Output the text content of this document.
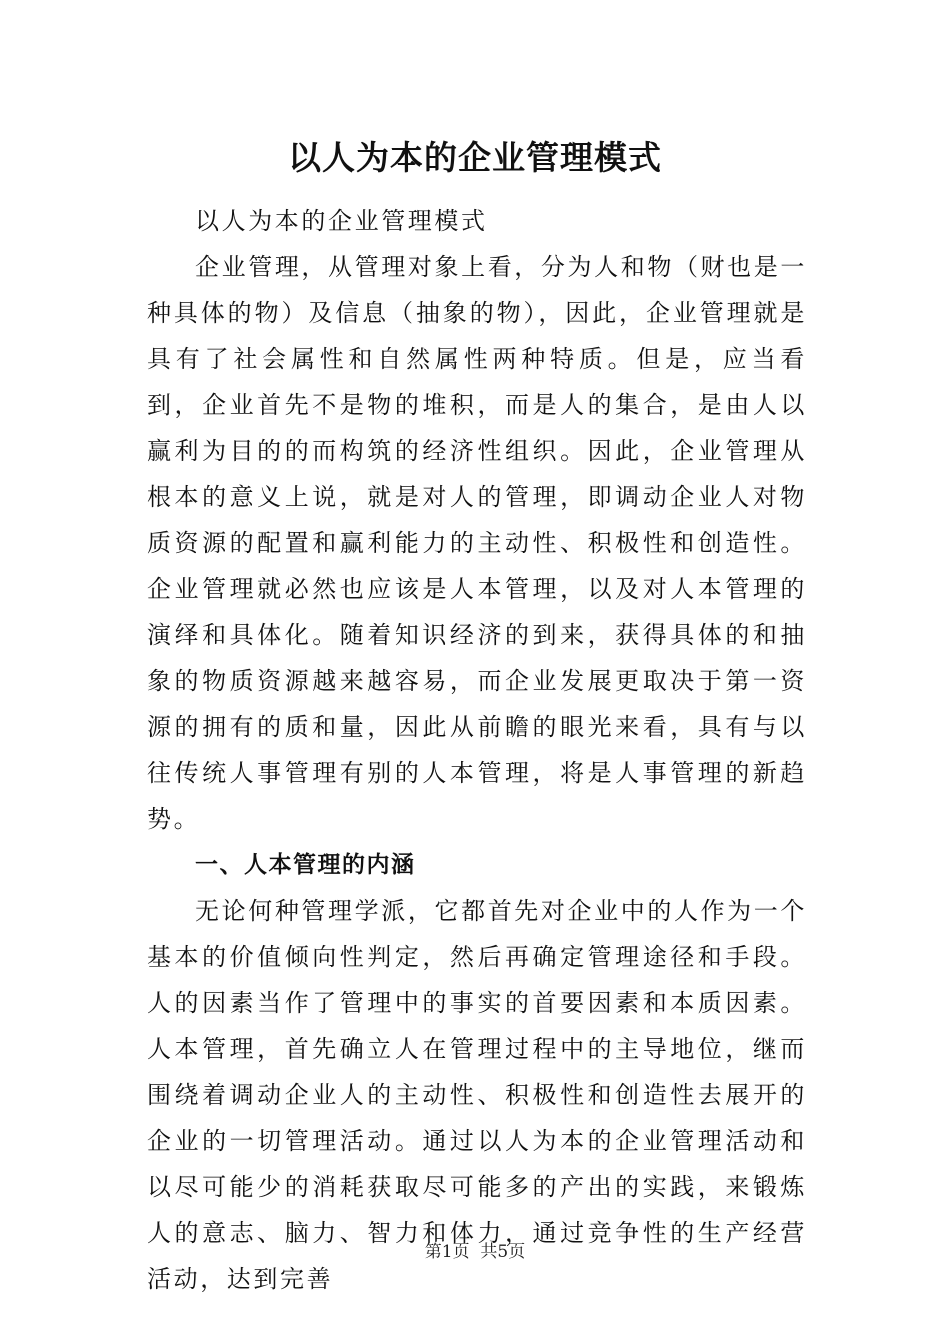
以人为本的企业管理模式

以人为本的企业管理模式

企业管理，从管理对象上看，分为人和物（财也是一种具体的物）及信息（抽象的物），因此，企业管理就是具有了社会属性和自然属性两种特质。但是，应当看到，企业首先不是物的堆积，而是人的集合，是由人以赢利为目的的而构筑的经济性组织。因此，企业管理从根本的意义上说，就是对人的管理，即调动企业人对物质资源的配置和赢利能力的主动性、积极性和创造性。企业管理就必然也应该是人本管理，以及对人本管理的演绎和具体化。随着知识经济的到来，获得具体的和抽象的物质资源越来越容易，而企业发展更取决于第一资源的拥有的质和量，因此从前瞻的眼光来看，具有与以往传统人事管理有别的人本管理，将是人事管理的新趋势。

一、人本管理的内涵

无论何种管理学派，它都首先对企业中的人作为一个基本的价值倾向性判定，然后再确定管理途径和手段。人的因素当作了管理中的事实的首要因素和本质因素。人本管理，首先确立人在管理过程中的主导地位，继而围绕着调动企业人的主动性、积极性和创造性去展开的企业的一切管理活动。通过以人为本的企业管理活动和以尽可能少的消耗获取尽可能多的产出的实践，来锻炼人的意志、脑力、智力和体力，通过竞争性的生产经营活动，达到完善

第1页 共5页
